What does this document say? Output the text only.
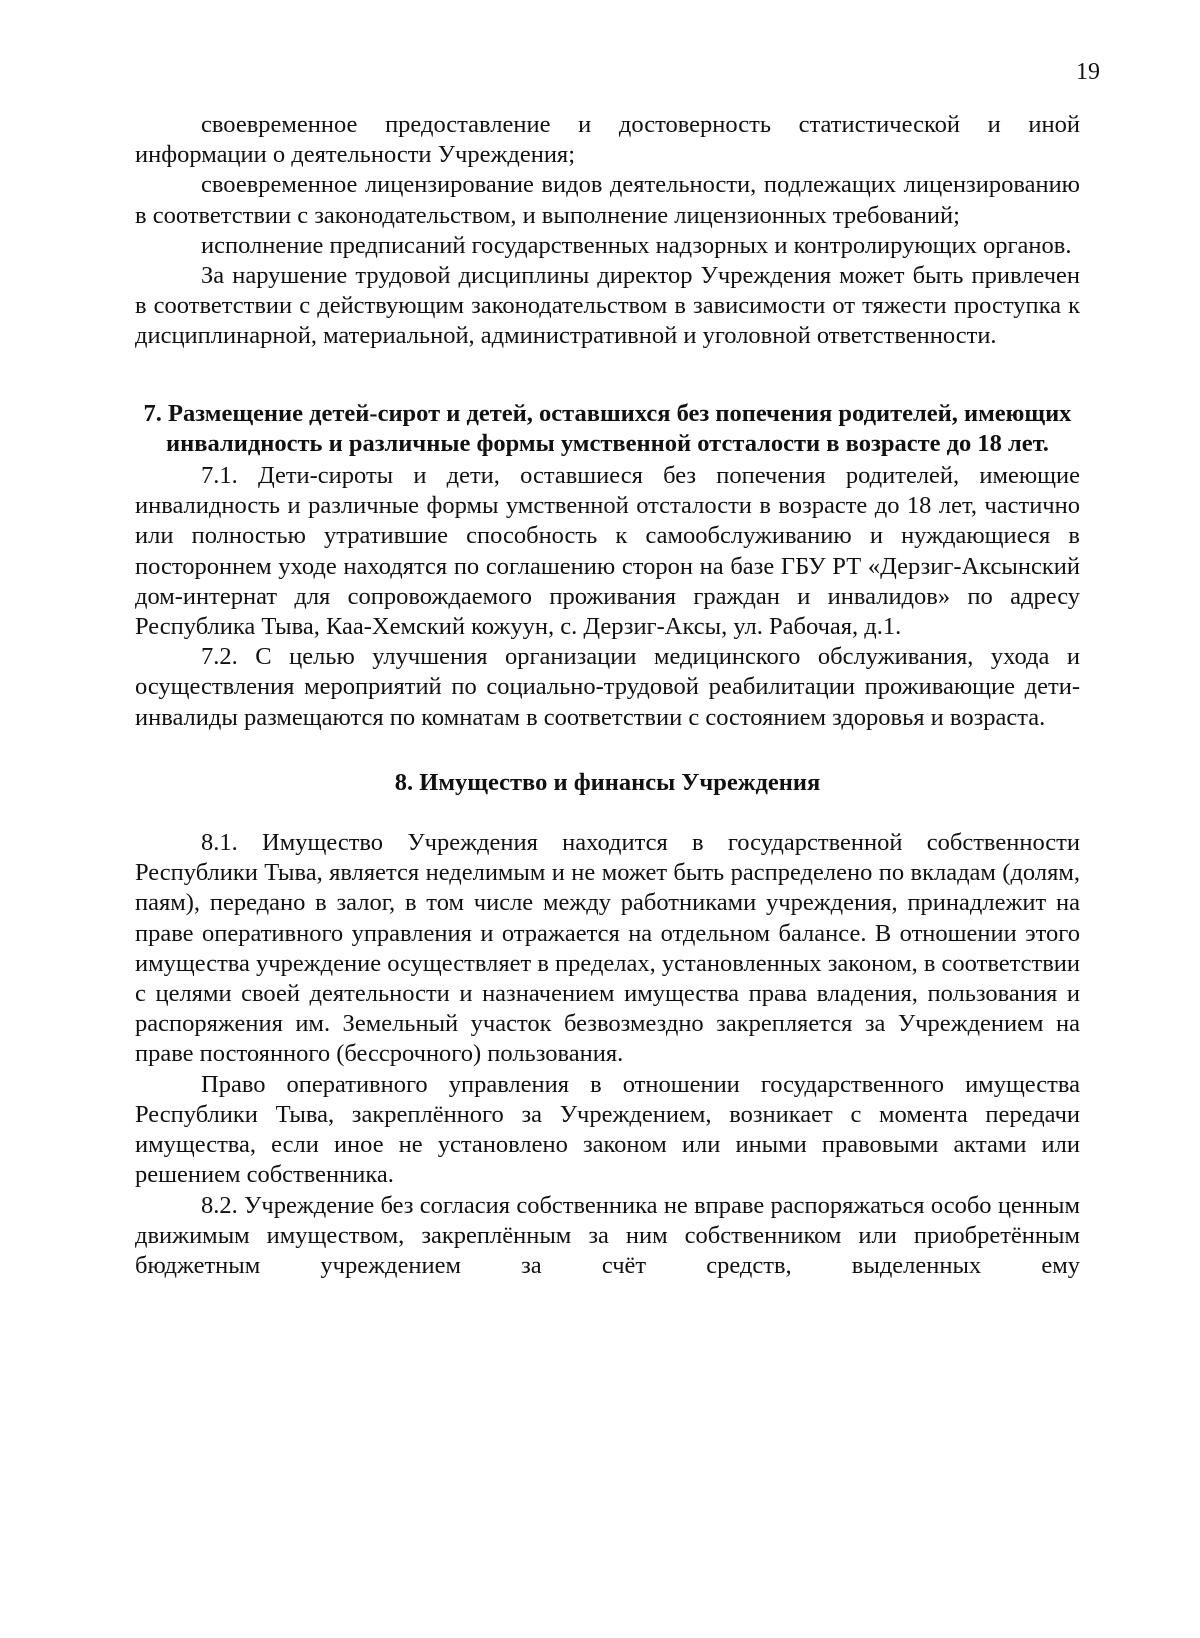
19

своевременное предоставление и достоверность статистической и иной информации о деятельности Учреждения;

своевременное лицензирование видов деятельности, подлежащих лицензированию в соответствии с законодательством, и выполнение лицензионных требований;

исполнение предписаний государственных надзорных и контролирующих органов.

За нарушение трудовой дисциплины директор Учреждения может быть привлечен в соответствии с действующим законодательством в зависимости от тяжести проступка к дисциплинарной, материальной, административной и уголовной ответственности.

7. Размещение детей-сирот и детей, оставшихся без попечения родителей, имеющих инвалидность и различные формы умственной отсталости в возрасте до 18 лет.

7.1. Дети-сироты и дети, оставшиеся без попечения родителей, имеющие инвалидность и различные формы умственной отсталости в возрасте до 18 лет, частично или полностью утратившие способность к самообслуживанию и нуждающиеся в постороннем уходе находятся по соглашению сторон на базе ГБУ РТ «Дерзиг-Аксынский дом-интернат для сопровождаемого проживания граждан и инвалидов» по адресу Республика Тыва, Каа-Хемский кожуун, с. Дерзиг-Аксы, ул. Рабочая, д.1.

7.2. С целью улучшения организации медицинского обслуживания, ухода и осуществления мероприятий по социально-трудовой реабилитации проживающие дети-инвалиды размещаются по комнатам в соответствии с состоянием здоровья и возраста.

8. Имущество и финансы Учреждения

8.1. Имущество Учреждения находится в государственной собственности Республики Тыва, является неделимым и не может быть распределено по вкладам (долям, паям), передано в залог, в том числе между работниками учреждения, принадлежит на праве оперативного управления и отражается на отдельном балансе. В отношении этого имущества учреждение осуществляет в пределах, установленных законом, в соответствии с целями своей деятельности и назначением имущества права владения, пользования и распоряжения им. Земельный участок безвозмездно закрепляется за Учреждением на праве постоянного (бессрочного) пользования.

Право оперативного управления в отношении государственного имущества Республики Тыва, закреплённого за Учреждением, возникает с момента передачи имущества, если иное не установлено законом или иными правовыми актами или решением собственника.

8.2. Учреждение без согласия собственника не вправе распоряжаться особо ценным движимым имуществом, закреплённым за ним собственником или приобретённым бюджетным учреждением за счёт средств, выделенных ему
